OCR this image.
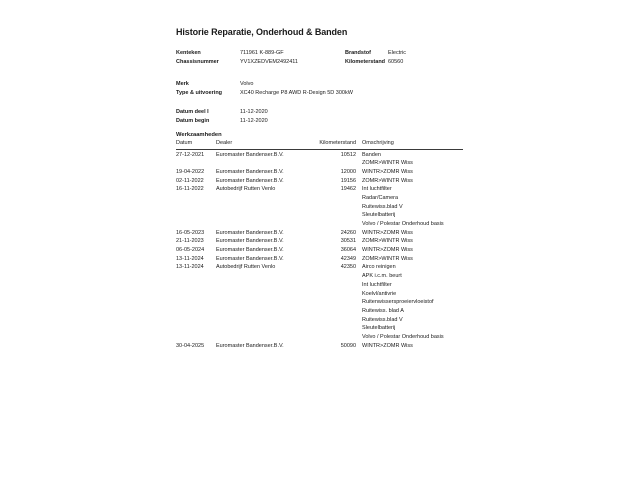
Historie Reparatie, Onderhoud & Banden
Kenteken	711961 K-889-GF	Brandstof	Electric
Chassisnummer	YV1XZEDVEM2492411	Kilometerstand 60560
Merk	Volvo
Type & uitvoering	XC40 Recharge P8 AWD R-Design 5D 300kW
Datum deel I	11-12-2020
Datum begin	11-12-2020
Werkzaamheden
Datum	Dealer	Kilometerstand Omschrijving
27-12-2021 Euromaster Bandenser.B.V.	10512 Banden
ZOMR>WINTR Wiss
19-04-2022 Euromaster Bandenser.B.V.	12000 WINTR>ZOMR Wiss
02-11-2022 Euromaster Bandenser.B.V.	19156 ZOMR>WINTR Wiss
16-11-2022 Autobedrijf Rutten Venlo	19462 Int luchtfilter
Radar/Camera
Ruitewiss.blad V
Sleutelbatterij
Volvo / Polestar Onderhoud basis
16-05-2023 Euromaster Bandenser.B.V.	24260 WINTR>ZOMR Wiss
21-11-2023 Euromaster Bandenser.B.V.	30531 ZOMR>WINTR Wiss
06-05-2024 Euromaster Bandenser.B.V.	36064 WINTR>ZOMR Wiss
13-11-2024 Euromaster Bandenser.B.V.	42349 ZOMR>WINTR Wiss
13-11-2024 Autobedrijf Rutten Venlo	42350 Airco reinigen
APK i.c.m. beurt
Int luchtfilter
Koelvl/antivrie
Ruitenwissersproeiervloeistof
Ruitewiss. blad A
Ruitewiss.blad V
Sleutelbatterij
Volvo / Polestar Onderhoud basis
30-04-2025 Euromaster Bandenser.B.V.	50090 WINTR>ZOMR Wiss
